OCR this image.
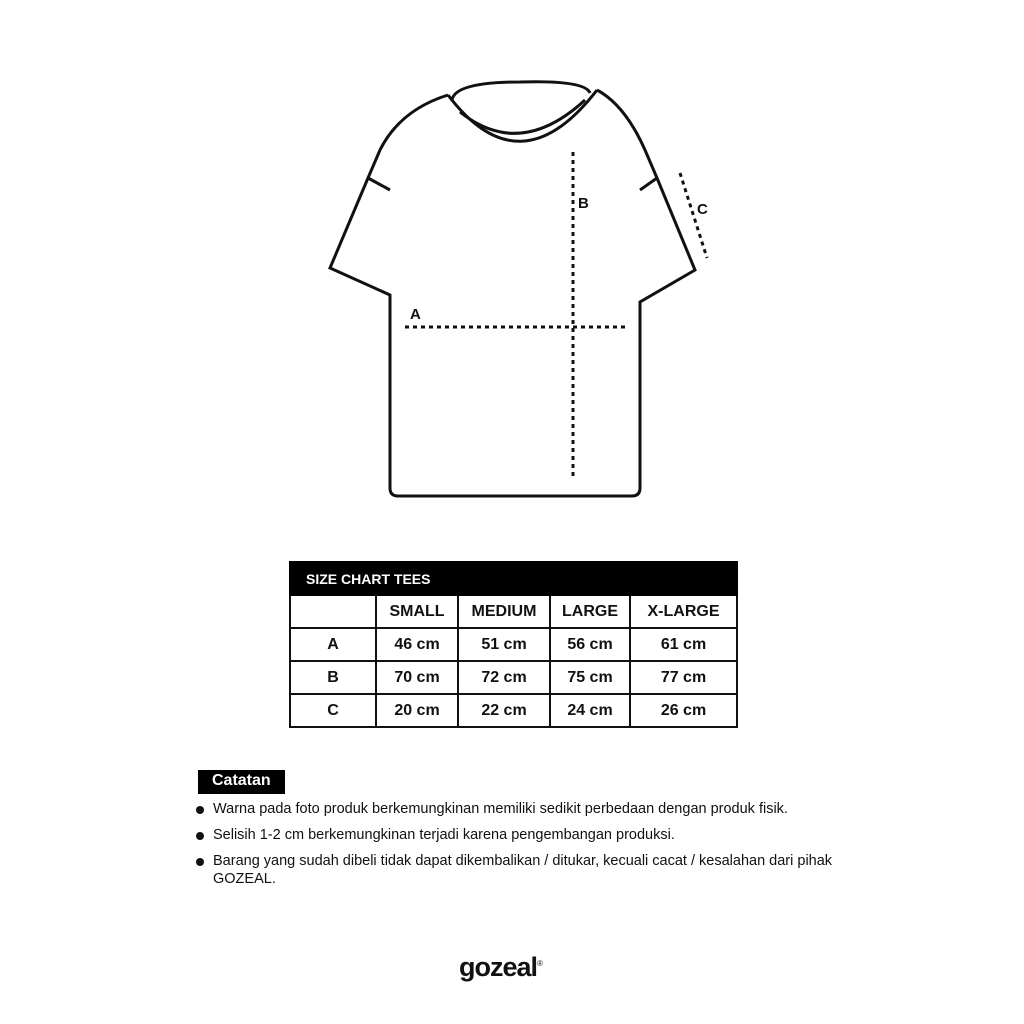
A
B	C
SIZE CHART TEES				
	SMALL	MEDIUM	LARGE	X-LARGE
A	46 cm	51 cm	56 cm	61 cm
B	70 cm	72 cm	75 cm	77 cm
C	20 cm	22 cm	24 cm	26 cm
Catatan
Warna pada foto produk berkemungkinan memiliki sedikit perbedaan dengan produk fisik.
Selisih 1-2 cm berkemungkinan terjadi karena pengembangan produksi.
Barang yang sudah dibeli tidak dapat dikembalikan / ditukar, kecuali cacat / kesalahan dari pihak GOZEAL.
gozeal®
